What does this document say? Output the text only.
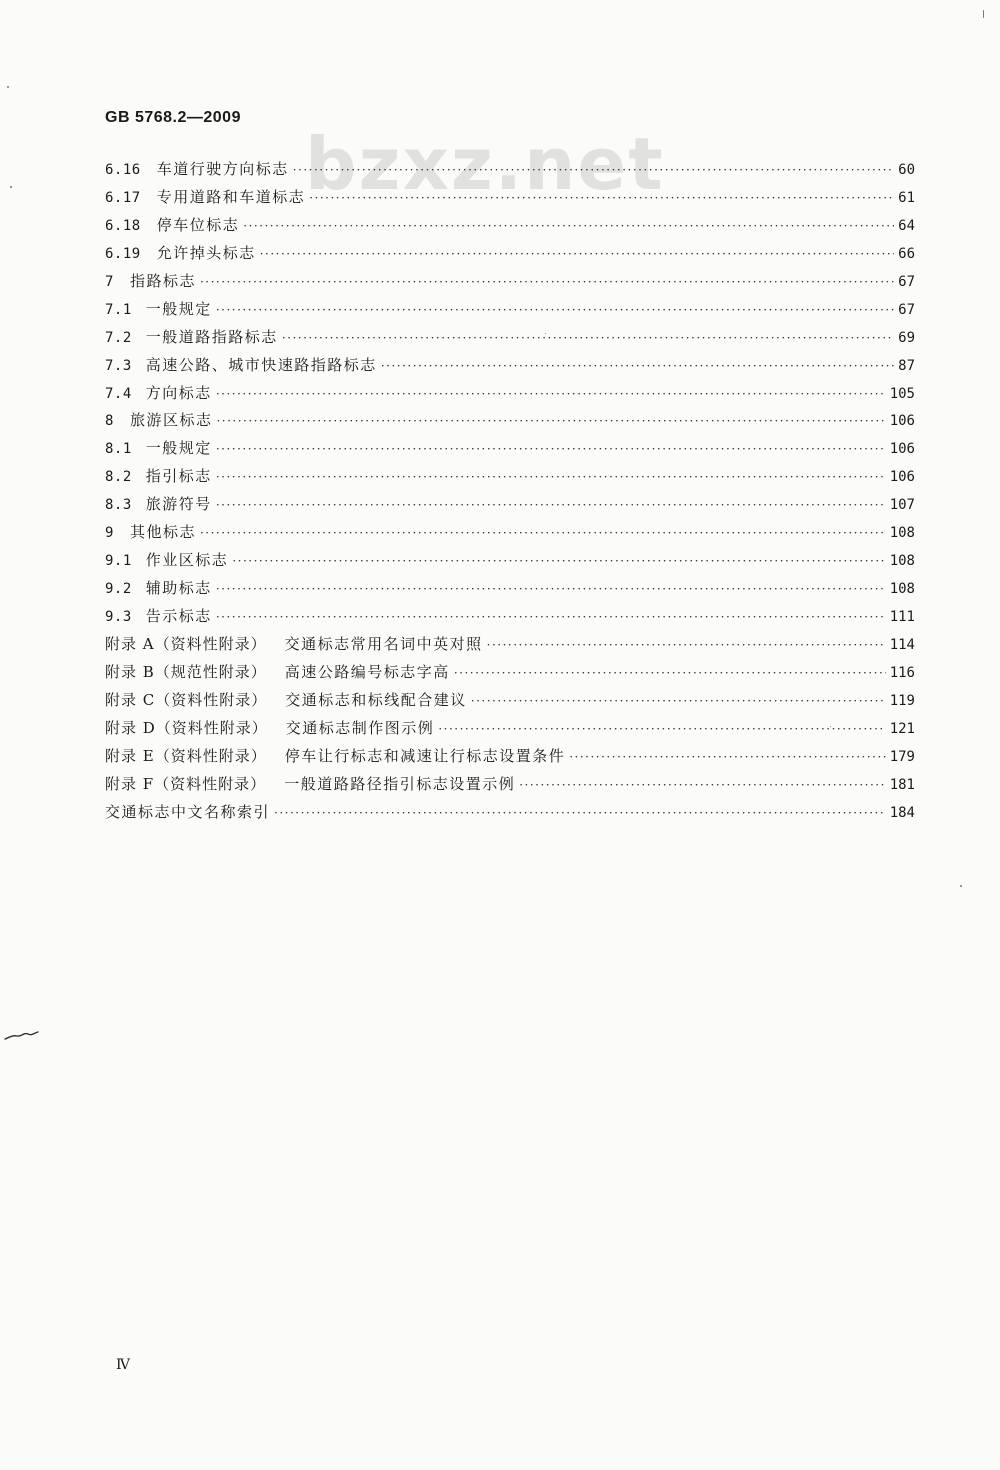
GB 5768.2—2009
bzxz.net
6.16 车道行驶方向标志 ·····	60
6.17 专用道路和车道标志 ·····	61
6.18 停车位标志 ·····	64
6.19 允许掉头标志 ·····	66
7 指路标志 ·····	67
7.1 一般规定 ·····	67
7.2 一般道路指路标志 ·····	69
7.3 高速公路、城市快速路指路标志 ·····	87
7.4 方向标志 ·····	105
8 旅游区标志 ·····	106
8.1 一般规定 ·····	106
8.2 指引标志 ·····	106
8.3 旅游符号 ·····	107
9 其他标志 ·····	108
9.1 作业区标志 ·····	108
9.2 辅助标志 ·····	108
9.3 告示标志 ·····	111
附录 A（资料性附录） 交通标志常用名词中英对照 ·····	114
附录 B（规范性附录） 高速公路编号标志字高 ·····	116
附录 C（资料性附录） 交通标志和标线配合建议 ·····	119
附录 D（资料性附录） 交通标志制作图示例 ·····	121
附录 E（资料性附录） 停车让行标志和减速让行标志设置条件 ·····	179
附录 F（资料性附录） 一般道路路径指引标志设置示例 ·····	181
交通标志中文名称索引 ·····	184
Ⅳ
